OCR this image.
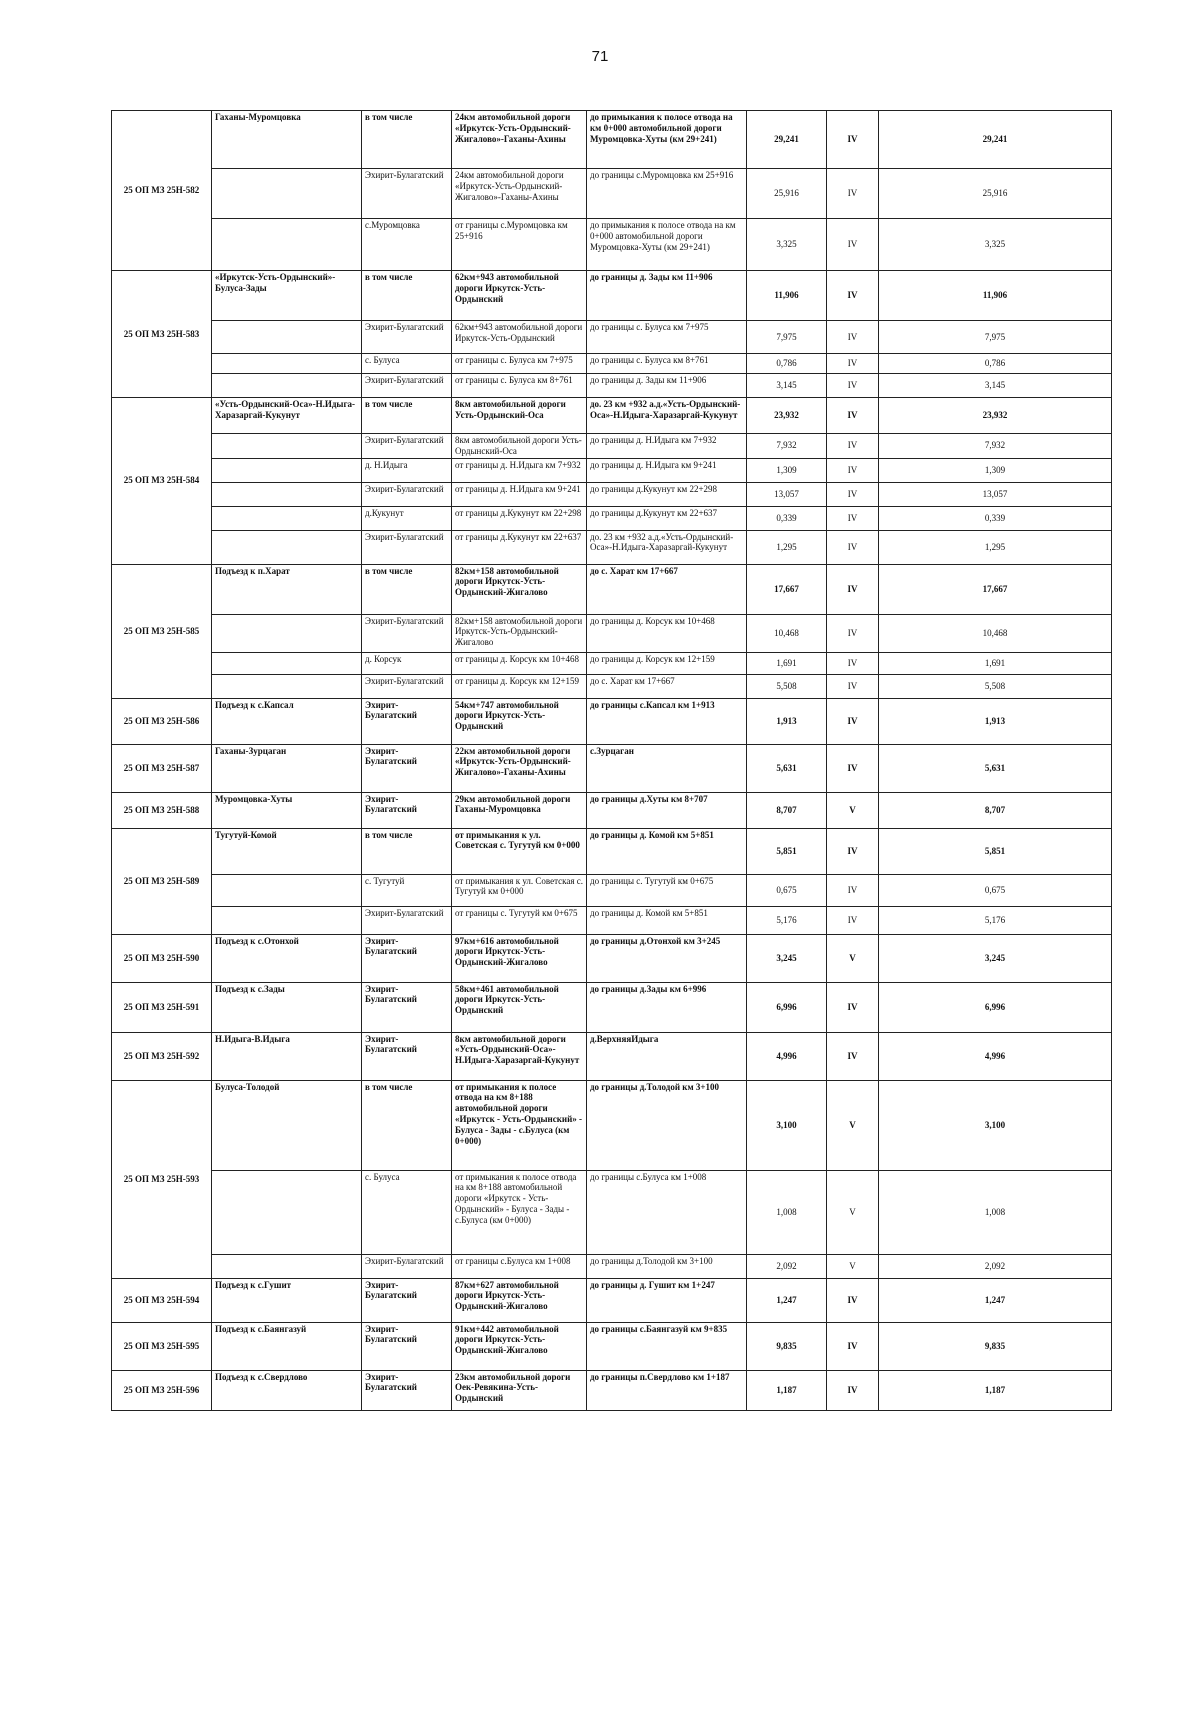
71
25 ОП МЗ 25Н-582	Гаханы-Муромцовка	в том числе	24км автомобильной дороги «Иркутск-Усть-Ордынский-Жигалово»-Гаханы-Ахины	до примыкания к полосе отвода на км 0+000 автомобильной дороги Муромцовка-Хуты (км 29+241)	29,241	IV	29,241
		Эхирит-Булагатский	24км автомобильной дороги «Иркутск-Усть-Ордынский-Жигалово»-Гаханы-Ахины	до границы с.Муромцовка км 25+916	25,916	IV	25,916
		с.Муромцовка	от границы с.Муромцовка км 25+916	до примыкания к полосе отвода на км 0+000 автомобильной дороги Муромцовка-Хуты (км 29+241)	3,325	IV	3,325
25 ОП МЗ 25Н-583	«Иркутск-Усть-Ордынский»-Булуса-Зады	в том числе	62км+943 автомобильной дороги Иркутск-Усть-Ордынский	до границы д. Зады км 11+906	11,906	IV	11,906
		Эхирит-Булагатский	62км+943 автомобильной дороги Иркутск-Усть-Ордынский	до границы с. Булуса км 7+975	7,975	IV	7,975
		с. Булуса	от границы с. Булуса км 7+975	до границы с. Булуса км 8+761	0,786	IV	0,786
		Эхирит-Булагатский	от границы с. Булуса км 8+761	до границы д. Зады км 11+906	3,145	IV	3,145
25 ОП МЗ 25Н-584	«Усть-Ордынский-Оса»-Н.Идыга-Харазаргай-Кукунут	в том числе	8км автомобильной дороги Усть-Ордынский-Оса	до. 23 км +932 а.д.«Усть-Ордынский-Оса»-Н.Идыга-Харазаргай-Кукунут	23,932	IV	23,932
		Эхирит-Булагатский	8км автомобильной дороги Усть-Ордынский-Оса	до границы д. Н.Идыга км 7+932	7,932	IV	7,932
		д. Н.Идыга	от границы д. Н.Идыга км 7+932	до границы д. Н.Идыга км 9+241	1,309	IV	1,309
		Эхирит-Булагатский	от границы д. Н.Идыга км 9+241	до границы д.Кукунут км 22+298	13,057	IV	13,057
		д.Кукунут	от границы д.Кукунут км 22+298	до границы д.Кукунут км 22+637	0,339	IV	0,339
		Эхирит-Булагатский	от границы д.Кукунут км 22+637	до. 23 км +932 а.д.«Усть-Ордынский-Оса»-Н.Идыга-Харазаргай-Кукунут	1,295	IV	1,295
25 ОП МЗ 25Н-585	Подъезд к п.Харат	в том числе	82км+158 автомобильной дороги Иркутск-Усть-Ордынский-Жигалово	до с. Харат км 17+667	17,667	IV	17,667
		Эхирит-Булагатский	82км+158 автомобильной дороги Иркутск-Усть-Ордынский-Жигалово	до границы д. Корсук км 10+468	10,468	IV	10,468
		д. Корсук	от границы д. Корсук км 10+468	до границы д. Корсук км 12+159	1,691	IV	1,691
		Эхирит-Булагатский	от границы д. Корсук км 12+159	до с. Харат км 17+667	5,508	IV	5,508
25 ОП МЗ 25Н-586	Подъезд к с.Капсал	Эхирит-Булагатский	54км+747 автомобильной дороги Иркутск-Усть-Ордынский	до границы с.Капсал км 1+913	1,913	IV	1,913
25 ОП МЗ 25Н-587	Гаханы-Зурцаган	Эхирит-Булагатский	22км автомобильной дороги «Иркутск-Усть-Ордынский-Жигалово»-Гаханы-Ахины	с.Зурцаган	5,631	IV	5,631
25 ОП МЗ 25Н-588	Муромцовка-Хуты	Эхирит-Булагатский	29км автомобильной дороги Гаханы-Муромцовка	до границы д.Хуты км 8+707	8,707	V	8,707
25 ОП МЗ 25Н-589	Тугутуй-Комой	в том числе	от примыкания к ул. Советская с. Тугутуй км 0+000	до границы д. Комой км 5+851	5,851	IV	5,851
		с. Тугутуй	от примыкания к ул. Советская с. Тугутуй км 0+000	до границы с. Тугутуй км 0+675	0,675	IV	0,675
		Эхирит-Булагатский	от границы с. Тугутуй км 0+675	до границы д. Комой км 5+851	5,176	IV	5,176
25 ОП МЗ 25Н-590	Подъезд к с.Отонхой	Эхирит-Булагатский	97км+616 автомобильной дороги Иркутск-Усть-Ордынский-Жигалово	до границы д.Отонхой км 3+245	3,245	V	3,245
25 ОП МЗ 25Н-591	Подъезд к с.Зады	Эхирит-Булагатский	58км+461 автомобильной дороги Иркутск-Усть-Ордынский	до границы д.Зады км 6+996	6,996	IV	6,996
25 ОП МЗ 25Н-592	Н.Идыга-В.Идыга	Эхирит-Булагатский	8км автомобильной дороги «Усть-Ордынский-Оса»-Н.Идыга-Харазаргай-Кукунут	д.ВерхняяИдыга	4,996	IV	4,996
25 ОП МЗ 25Н-593	Булуса-Толодой	в том числе	от примыкания к полосе отвода на км 8+188 автомобильной дороги «Иркутск - Усть-Ордынский» - Булуса - Зады - с.Булуса (км 0+000)	до границы д.Толодой км 3+100	3,100	V	3,100
		с. Булуса	от примыкания к полосе отвода на км 8+188 автомобильной дороги «Иркутск - Усть-Ордынский» - Булуса - Зады - с.Булуса (км 0+000)	до границы с.Булуса км 1+008	1,008	V	1,008
		Эхирит-Булагатский	от границы с.Булуса км 1+008	до границы д.Толодой км 3+100	2,092	V	2,092
25 ОП МЗ 25Н-594	Подъезд к с.Гушит	Эхирит-Булагатский	87км+627 автомобильной дороги Иркутск-Усть-Ордынский-Жигалово	до границы д. Гушит км 1+247	1,247	IV	1,247
25 ОП МЗ 25Н-595	Подъезд к с.Баянгазуй	Эхирит-Булагатский	91км+442 автомобильной дороги Иркутск-Усть-Ордынский-Жигалово	до границы с.Баянгазуй км 9+835	9,835	IV	9,835
25 ОП МЗ 25Н-596	Подъезд к с.Свердлово	Эхирит-Булагатский	23км автомобильной дороги Оек-Ревякина-Усть-Ордынский	до границы п.Свердлово км 1+187	1,187	IV	1,187
